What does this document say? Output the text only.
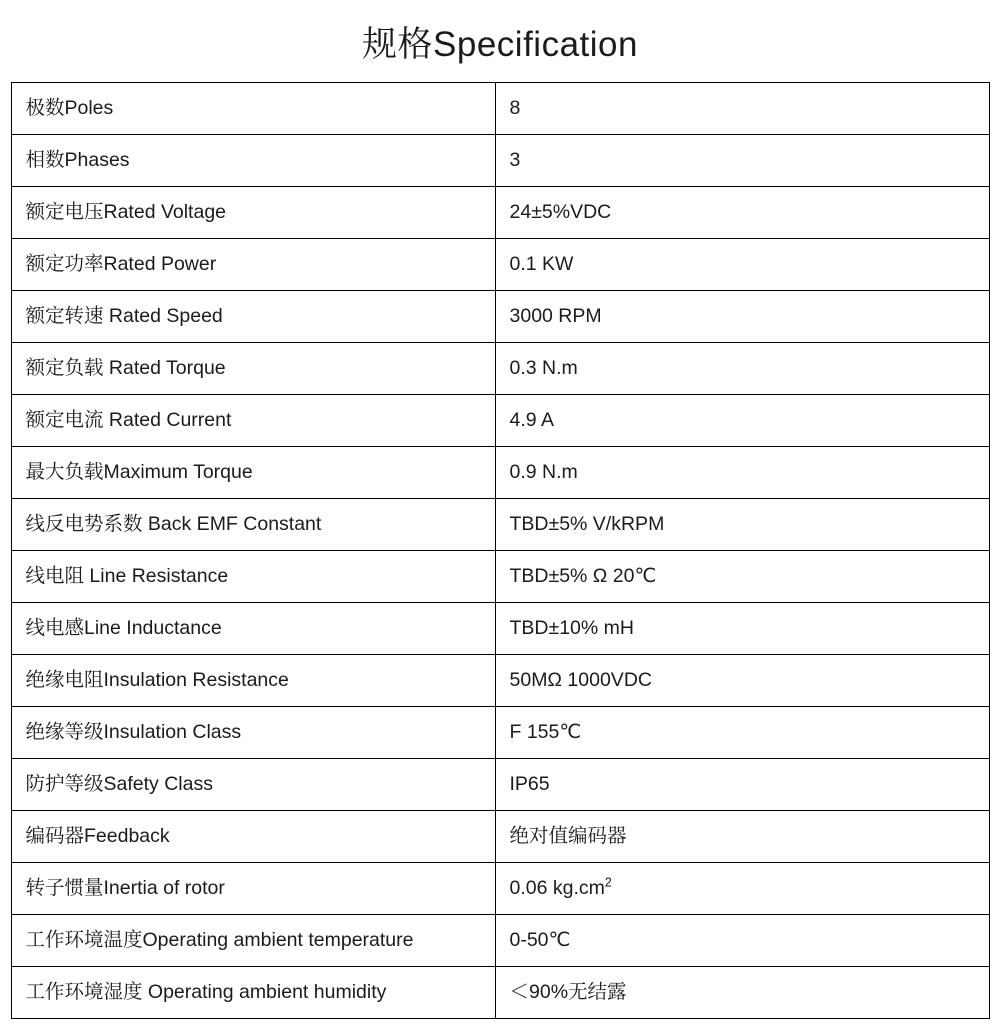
规格Specification
极数Poles	8
相数Phases	3
额定电压Rated Voltage	24±5%VDC
额定功率Rated Power	0.1 KW
额定转速 Rated Speed	3000 RPM
额定负载 Rated Torque	0.3 N.m
额定电流 Rated Current	4.9 A
最大负载Maximum Torque	0.9 N.m
线反电势系数 Back EMF Constant	TBD±5% V/kRPM
线电阻 Line Resistance	TBD±5% Ω 20℃
线电感Line Inductance	TBD±10% mH
绝缘电阻Insulation Resistance	50MΩ 1000VDC
绝缘等级Insulation Class	F 155℃
防护等级Safety Class	IP65
编码器Feedback	绝对值编码器
转子惯量Inertia of rotor	0.06 $kg.cm^2$
工作环境温度Operating ambient temperature	0-50℃
工作环境湿度 Operating ambient humidity	＜90%无结露
